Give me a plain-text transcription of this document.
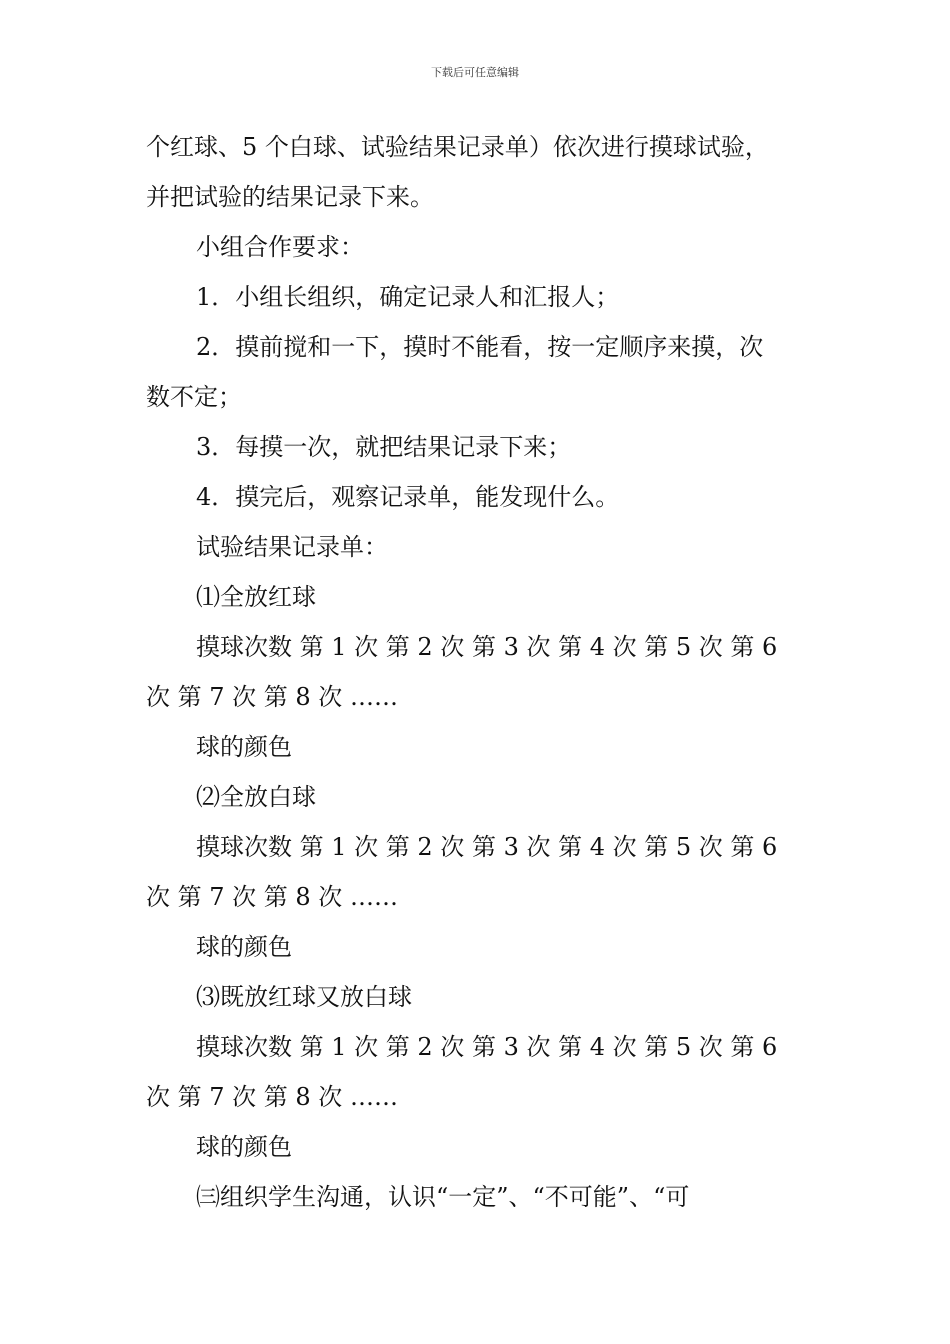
下载后可任意编辑
个红球、5 个白球、试验结果记录单）依次进行摸球试验，
并把试验的结果记录下来。
小组合作要求：
1．小组长组织，确定记录人和汇报人；
2．摸前搅和一下，摸时不能看，按一定顺序来摸，次
数不定；
3．每摸一次，就把结果记录下来；
4．摸完后，观察记录单，能发现什么。
试验结果记录单：
⑴全放红球
摸球次数 第 1 次 第 2 次 第 3 次 第 4 次 第 5 次 第 6
次 第 7 次 第 8 次 ……
球的颜色
⑵全放白球
摸球次数 第 1 次 第 2 次 第 3 次 第 4 次 第 5 次 第 6
次 第 7 次 第 8 次 ……
球的颜色
⑶既放红球又放白球
摸球次数 第 1 次 第 2 次 第 3 次 第 4 次 第 5 次 第 6
次 第 7 次 第 8 次 ……
球的颜色
㈢组织学生沟通，认识“一定”、“不可能”、“可
